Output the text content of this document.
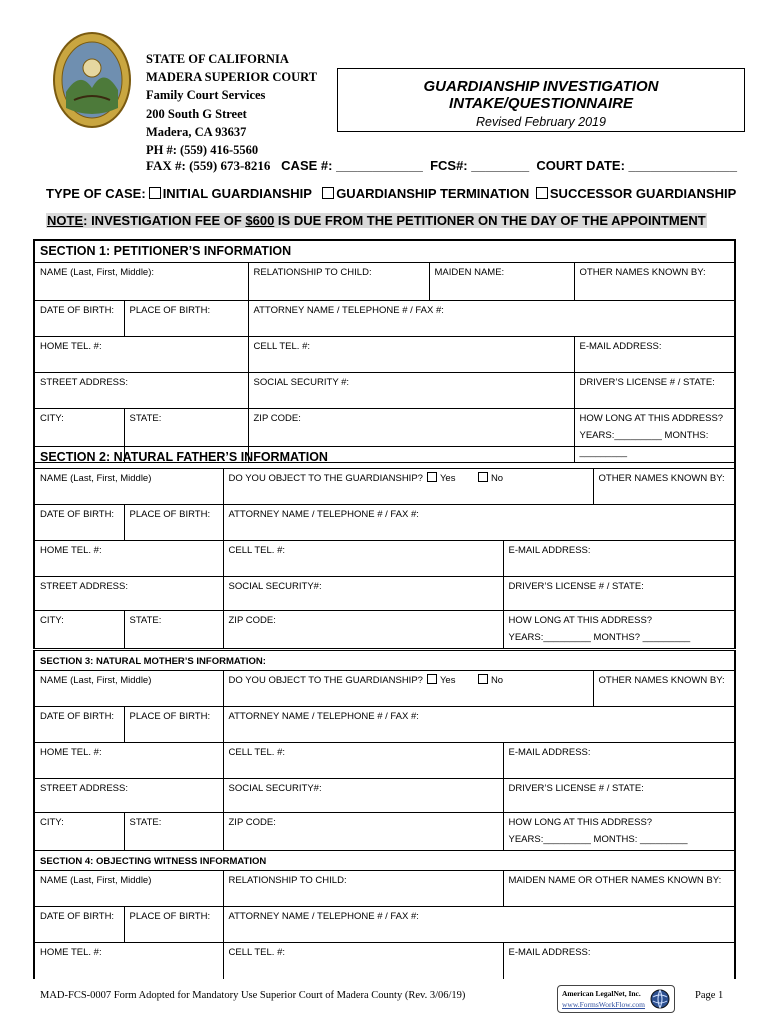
STATE OF CALIFORNIA
MADERA SUPERIOR COURT
Family Court Services
200 South G Street
Madera, CA 93637
PH #: (559) 416-5560
GUARDIANSHIP INVESTIGATION
INTAKE/QUESTIONNAIRE
Revised February 2019
FAX #: (559) 673-8216 CASE #: ____________ FCS#: ________ COURT DATE: _______________
TYPE OF CASE: INITIAL GUARDIANSHIP GUARDIANSHIP TERMINATION SUCCESSOR GUARDIANSHIP
NOTE: INVESTIGATION FEE OF $600 IS DUE FROM THE PETITIONER ON THE DAY OF THE APPOINTMENT
SECTION 1: PETITIONER’S INFORMATION				
NAME (Last, First, Middle):		RELATIONSHIP TO CHILD:	MAIDEN NAME:	OTHER NAMES KNOWN BY:
DATE OF BIRTH:	PLACE OF BIRTH:	ATTORNEY NAME / TELEPHONE # / FAX #:		
HOME TEL. #:		CELL TEL. #:		E-MAIL ADDRESS:
STREET ADDRESS:		SOCIAL SECURITY #:		DRIVER’S LICENSE # / STATE:
CITY:	STATE:	ZIP CODE:		HOW LONG AT THIS ADDRESS?
YEARS:_________ MONTHS: _________
SECTION 2: NATURAL FATHER’S INFORMATION				
NAME (Last, First, Middle)		DO YOU OBJECT TO THE GUARDIANSHIP? Yes No		OTHER NAMES KNOWN BY:
DATE OF BIRTH:	PLACE OF BIRTH:	ATTORNEY NAME / TELEPHONE # / FAX #:		
HOME TEL. #:		CELL TEL. #:	E-MAIL ADDRESS:	
STREET ADDRESS:		SOCIAL SECURITY#:	DRIVER’S LICENSE # / STATE:	
CITY:	STATE:	ZIP CODE:	HOW LONG AT THIS ADDRESS?
YEARS:_________ MONTHS? _________	
SECTION 3: NATURAL MOTHER’S INFORMATION:				
NAME (Last, First, Middle)		DO YOU OBJECT TO THE GUARDIANSHIP? Yes No		OTHER NAMES KNOWN BY:
DATE OF BIRTH:	PLACE OF BIRTH:	ATTORNEY NAME / TELEPHONE # / FAX #:		
HOME TEL. #:		CELL TEL. #:	E-MAIL ADDRESS:	
STREET ADDRESS:		SOCIAL SECURITY#:	DRIVER’S LICENSE # / STATE:	
CITY:	STATE:	ZIP CODE:	HOW LONG AT THIS ADDRESS?
YEARS:_________ MONTHS: _________	
SECTION 4: OBJECTING WITNESS INFORMATION			
NAME (Last, First, Middle)		RELATIONSHIP TO CHILD:	MAIDEN NAME OR OTHER NAMES KNOWN BY:
DATE OF BIRTH:	PLACE OF BIRTH:	ATTORNEY NAME / TELEPHONE # / FAX #:	
HOME TEL. #:		CELL TEL. #:	E-MAIL ADDRESS:
MAD-FCS-0007 Form Adopted for Mandatory Use Superior Court of Madera County (Rev. 3/06/19)	American LegalNet, Inc.
www.FormsWorkFlow.com
Page 1
